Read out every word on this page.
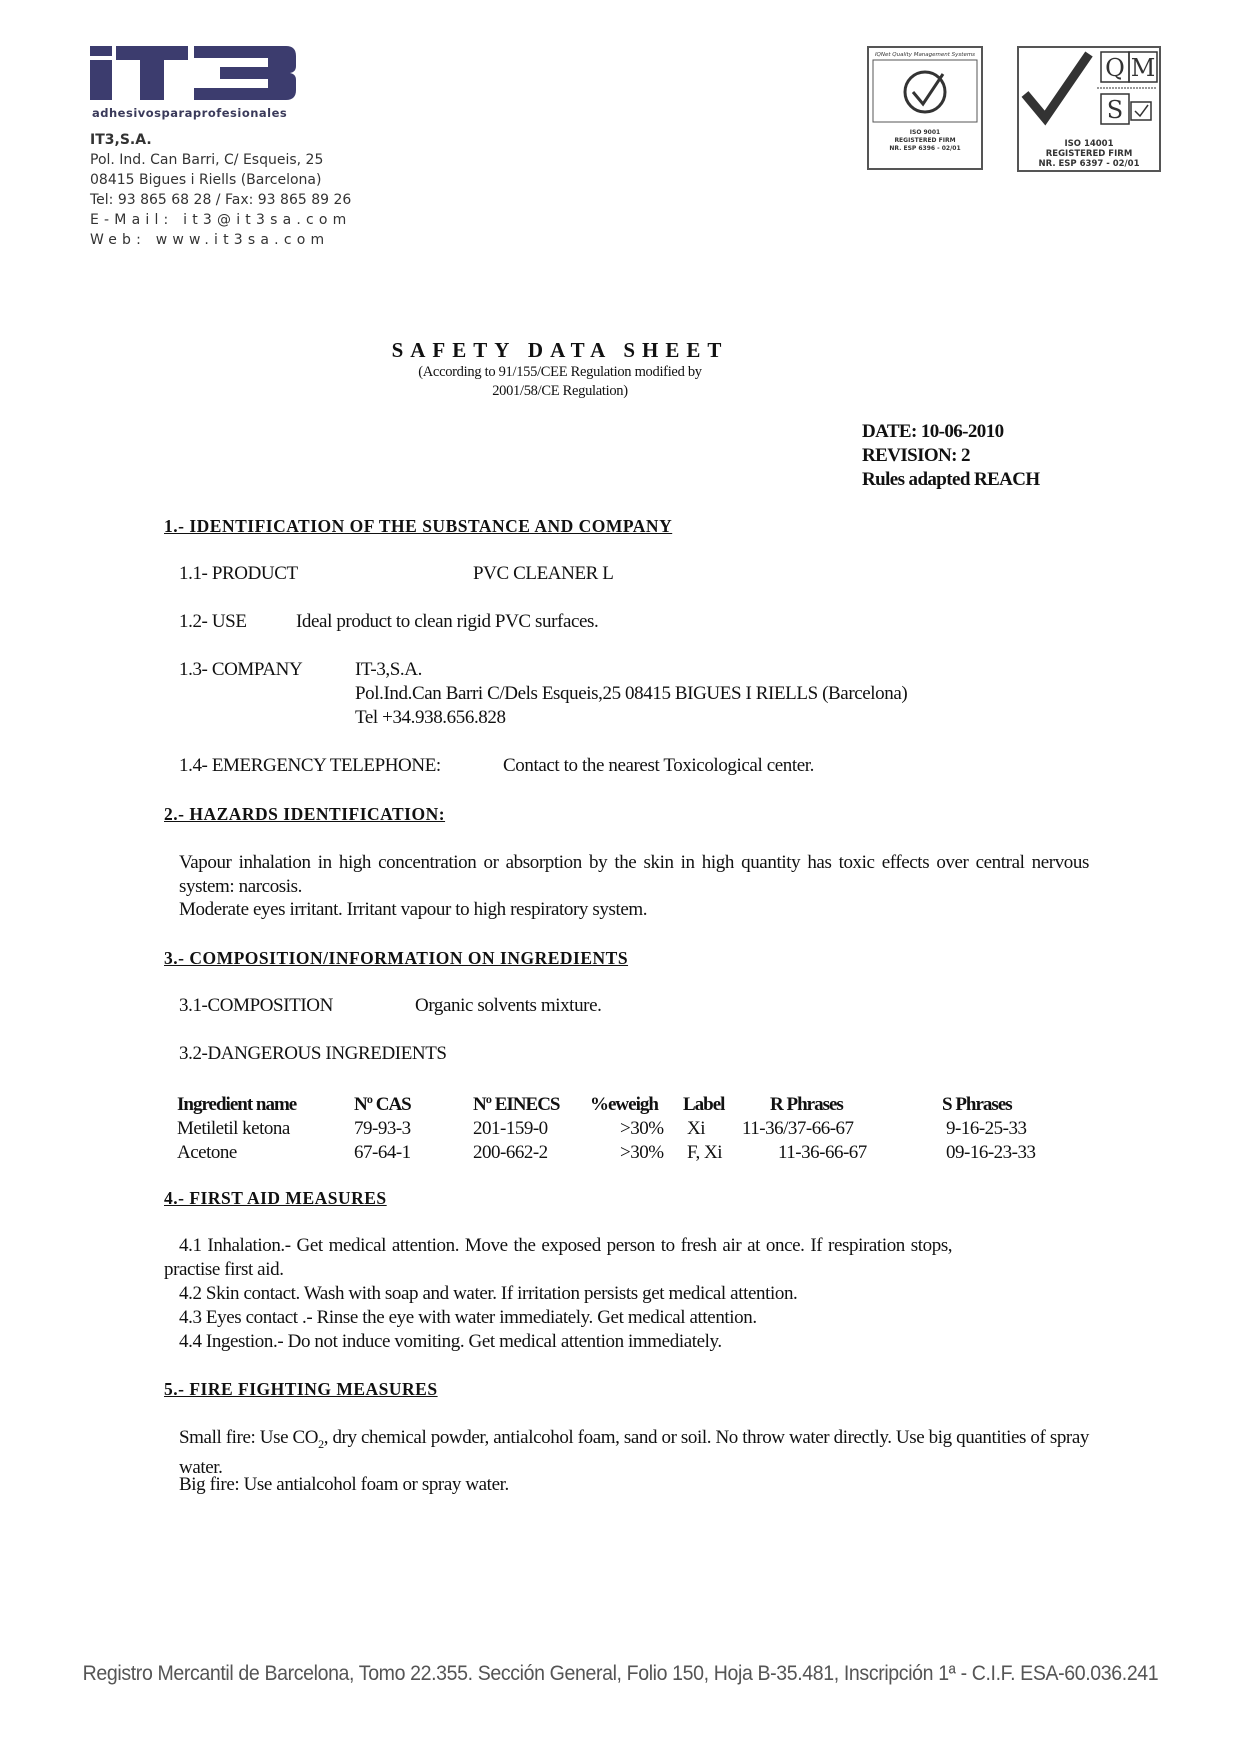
adhesivosparaprofesionales
IT3,S.A.
Pol. Ind. Can Barri, C/ Esqueis, 25
08415 Bigues i Riells (Barcelona)
Tel: 93 865 68 28 / Fax: 93 865 89 26
E-Mail: it3@it3sa.com
Web: www.it3sa.com
IQNet Quality Management Systems
ISO 9001
REGISTERED FIRM
NR. ESP 6396 - 02/01
Q M
S
ISO 14001
REGISTERED FIRM
NR. ESP 6397 - 02/01
SAFETY DATA SHEET
(According to 91/155/CEE Regulation modified by
2001/58/CE Regulation)
DATE: 10-06-2010
REVISION: 2
Rules adapted REACH
1.- IDENTIFICATION OF THE SUBSTANCE AND COMPANY
1.1- PRODUCT	PVC CLEANER L
1.2- USE	Ideal product to clean rigid PVC surfaces.
1.3- COMPANY	IT-3,S.A.
Pol.Ind.Can Barri C/Dels Esqueis,25 08415 BIGUES I RIELLS (Barcelona)
Tel +34.938.656.828
1.4- EMERGENCY TELEPHONE:	Contact to the nearest Toxicological center.
2.- HAZARDS IDENTIFICATION:
Vapour inhalation in high concentration or absorption by the skin in high quantity has toxic effects over central nervous system: narcosis.
Moderate eyes irritant. Irritant vapour to high respiratory system.
3.- COMPOSITION/INFORMATION ON INGREDIENTS
3.1-COMPOSITION	Organic solvents mixture.
3.2-DANGEROUS INGREDIENTS
Ingredient name	Nº CAS	Nº EINECS	%eweigh	Label	R Phrases	S Phrases
Metiletil ketona	79-93-3	201-159-0	>30%	Xi	11-36/37-66-67	9-16-25-33
Acetone	67-64-1	200-662-2	>30%	F, Xi	11-36-66-67	09-16-23-33
4.- FIRST AID MEASURES
4.1 Inhalation.- Get medical attention. Move the exposed person to fresh air at once. If respiration stops,
practise first aid.
4.2 Skin contact. Wash with soap and water. If irritation persists get medical attention.
4.3 Eyes contact .- Rinse the eye with water immediately. Get medical attention.
4.4 Ingestion.- Do not induce vomiting. Get medical attention immediately.
5.- FIRE FIGHTING MEASURES
Small fire: Use $CO_2$, dry chemical powder, antialcohol foam, sand or soil. No throw water directly. Use big quantities of spray water.
Big fire: Use antialcohol foam or spray water.
Registro Mercantil de Barcelona, Tomo 22.355. Sección General, Folio 150, Hoja B-35.481, Inscripción 1ª - C.I.F. ESA-60.036.241
